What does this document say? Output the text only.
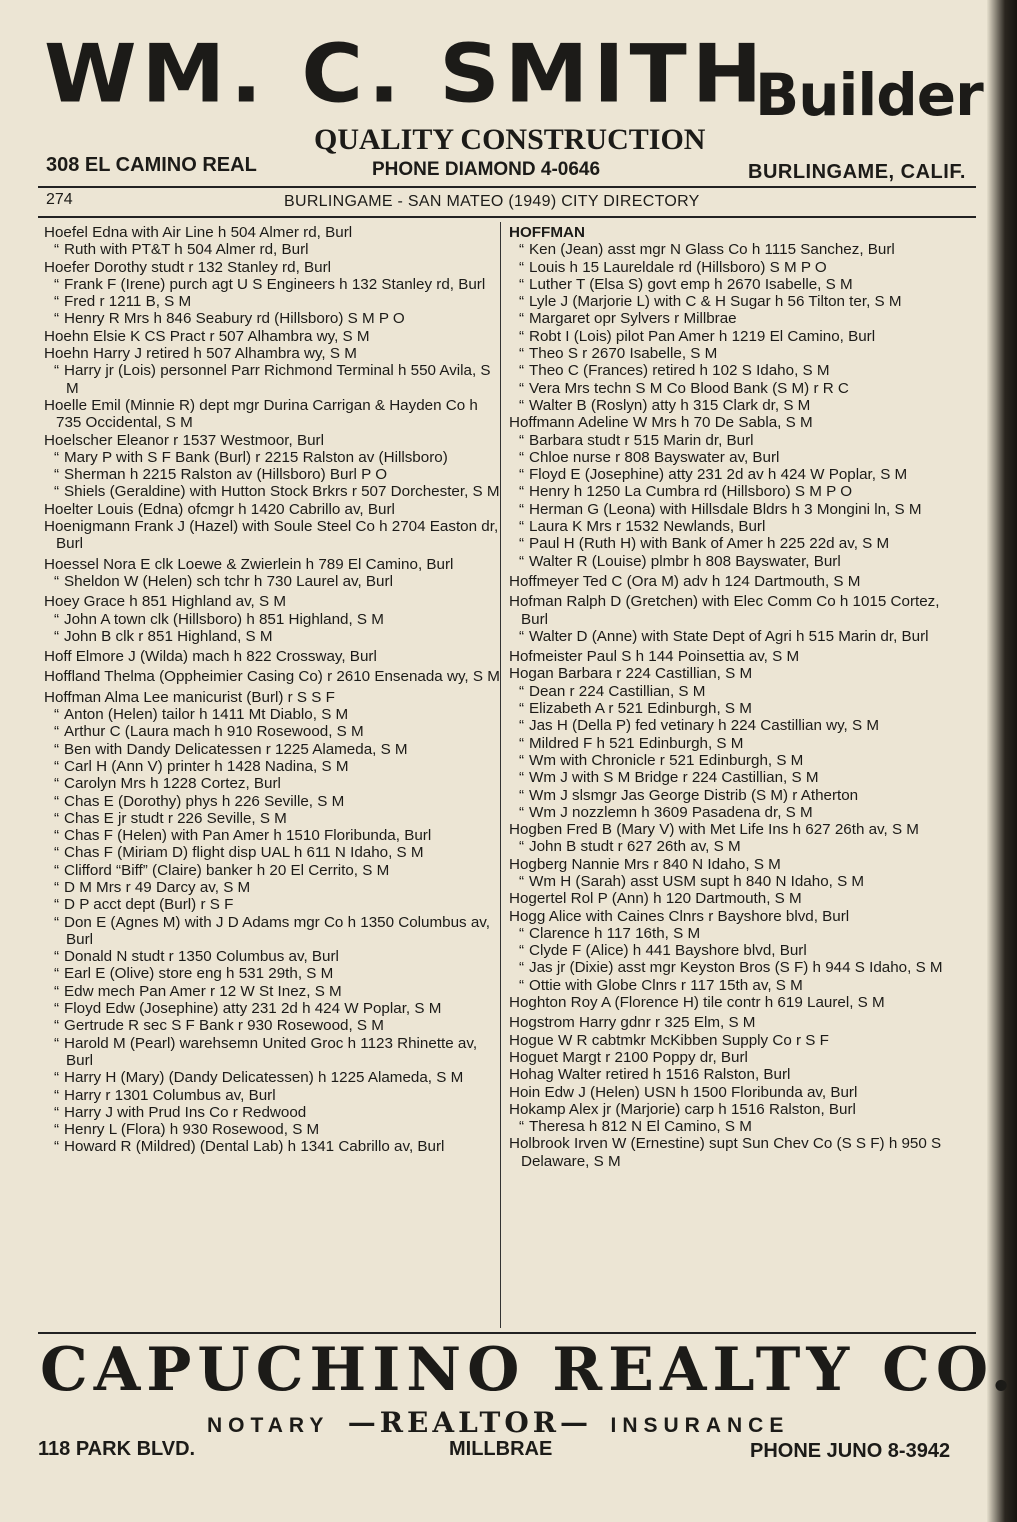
WM. C. SMITH
Builder
QUALITY CONSTRUCTION
308 EL CAMINO REAL	PHONE DIAMOND 4-0646	BURLINGAME, CALIF.
274	BURLINGAME - SAN MATEO (1949) CITY DIRECTORY
Hoefel Edna with Air Line h 504 Almer rd, Burl
“ Ruth with PT&T h 504 Almer rd, Burl
Hoefer Dorothy studt r 132 Stanley rd, Burl
“ Frank F (Irene) purch agt U S Engineers h 132 Stanley rd, Burl
“ Fred r 1211 B, S M
“ Henry R Mrs h 846 Seabury rd (Hillsboro) S M P O
Hoehn Elsie K CS Pract r 507 Alhambra wy, S M
Hoehn Harry J retired h 507 Alhambra wy, S M
“ Harry jr (Lois) personnel Parr Richmond Terminal h 550 Avila, S M
Hoelle Emil (Minnie R) dept mgr Durina Carrigan & Hayden Co h 735 Occidental, S M
Hoelscher Eleanor r 1537 Westmoor, Burl
“ Mary P with S F Bank (Burl) r 2215 Ralston av (Hillsboro)
“ Sherman h 2215 Ralston av (Hillsboro) Burl P O
“ Shiels (Geraldine) with Hutton Stock Brkrs r 507 Dorchester, S M
Hoelter Louis (Edna) ofcmgr h 1420 Cabrillo av, Burl
Hoenigmann Frank J (Hazel) with Soule Steel Co h 2704 Easton dr, Burl
Hoessel Nora E clk Loewe & Zwierlein h 789 El Camino, Burl
“ Sheldon W (Helen) sch tchr h 730 Laurel av, Burl
Hoey Grace h 851 Highland av, S M
“ John A town clk (Hillsboro) h 851 Highland, S M
“ John B clk r 851 Highland, S M
Hoff Elmore J (Wilda) mach h 822 Crossway, Burl
Hoffland Thelma (Oppheimier Casing Co) r 2610 Ensenada wy, S M
Hoffman Alma Lee manicurist (Burl) r S S F
“ Anton (Helen) tailor h 1411 Mt Diablo, S M
“ Arthur C (Laura mach h 910 Rosewood, S M
“ Ben with Dandy Delicatessen r 1225 Alameda, S M
“ Carl H (Ann V) printer h 1428 Nadina, S M
“ Carolyn Mrs h 1228 Cortez, Burl
“ Chas E (Dorothy) phys h 226 Seville, S M
“ Chas E jr studt r 226 Seville, S M
“ Chas F (Helen) with Pan Amer h 1510 Floribunda, Burl
“ Chas F (Miriam D) flight disp UAL h 611 N Idaho, S M
“ Clifford “Biff” (Claire) banker h 20 El Cerrito, S M
“ D M Mrs r 49 Darcy av, S M
“ D P acct dept (Burl) r S F
“ Don E (Agnes M) with J D Adams mgr Co h 1350 Columbus av, Burl
“ Donald N studt r 1350 Columbus av, Burl
“ Earl E (Olive) store eng h 531 29th, S M
“ Edw mech Pan Amer r 12 W St Inez, S M
“ Floyd Edw (Josephine) atty 231 2d h 424 W Poplar, S M
“ Gertrude R sec S F Bank r 930 Rosewood, S M
“ Harold M (Pearl) warehsemn United Groc h 1123 Rhinette av, Burl
“ Harry H (Mary) (Dandy Delicatessen) h 1225 Alameda, S M
“ Harry r 1301 Columbus av, Burl
“ Harry J with Prud Ins Co r Redwood
“ Henry L (Flora) h 930 Rosewood, S M
“ Howard R (Mildred) (Dental Lab) h 1341 Cabrillo av, Burl
HOFFMAN
“ Ken (Jean) asst mgr N Glass Co h 1115 Sanchez, Burl
“ Louis h 15 Laureldale rd (Hillsboro) S M P O
“ Luther T (Elsa S) govt emp h 2670 Isabelle, S M
“ Lyle J (Marjorie L) with C & H Sugar h 56 Tilton ter, S M
“ Margaret opr Sylvers r Millbrae
“ Robt I (Lois) pilot Pan Amer h 1219 El Camino, Burl
“ Theo S r 2670 Isabelle, S M
“ Theo C (Frances) retired h 102 S Idaho, S M
“ Vera Mrs techn S M Co Blood Bank (S M) r R C
“ Walter B (Roslyn) atty h 315 Clark dr, S M
Hoffmann Adeline W Mrs h 70 De Sabla, S M
“ Barbara studt r 515 Marin dr, Burl
“ Chloe nurse r 808 Bayswater av, Burl
“ Floyd E (Josephine) atty 231 2d av h 424 W Poplar, S M
“ Henry h 1250 La Cumbra rd (Hillsboro) S M P O
“ Herman G (Leona) with Hillsdale Bldrs h 3 Mongini ln, S M
“ Laura K Mrs r 1532 Newlands, Burl
“ Paul H (Ruth H) with Bank of Amer h 225 22d av, S M
“ Walter R (Louise) plmbr h 808 Bayswater, Burl
Hoffmeyer Ted C (Ora M) adv h 124 Dartmouth, S M
Hofman Ralph D (Gretchen) with Elec Comm Co h 1015 Cortez, Burl
“ Walter D (Anne) with State Dept of Agri h 515 Marin dr, Burl
Hofmeister Paul S h 144 Poinsettia av, S M
Hogan Barbara r 224 Castillian, S M
“ Dean r 224 Castillian, S M
“ Elizabeth A r 521 Edinburgh, S M
“ Jas H (Della P) fed vetinary h 224 Castillian wy, S M
“ Mildred F h 521 Edinburgh, S M
“ Wm with Chronicle r 521 Edinburgh, S M
“ Wm J with S M Bridge r 224 Castillian, S M
“ Wm J slsmgr Jas George Distrib (S M) r Atherton
“ Wm J nozzlemn h 3609 Pasadena dr, S M
Hogben Fred B (Mary V) with Met Life Ins h 627 26th av, S M
“ John B studt r 627 26th av, S M
Hogberg Nannie Mrs r 840 N Idaho, S M
“ Wm H (Sarah) asst USM supt h 840 N Idaho, S M
Hogertel Rol P (Ann) h 120 Dartmouth, S M
Hogg Alice with Caines Clnrs r Bayshore blvd, Burl
“ Clarence h 117 16th, S M
“ Clyde F (Alice) h 441 Bayshore blvd, Burl
“ Jas jr (Dixie) asst mgr Keyston Bros (S F) h 944 S Idaho, S M
“ Ottie with Globe Clnrs r 117 15th av, S M
Hoghton Roy A (Florence H) tile contr h 619 Laurel, S M
Hogstrom Harry gdnr r 325 Elm, S M
Hogue W R cabtmkr McKibben Supply Co r S F
Hoguet Margt r 2100 Poppy dr, Burl
Hohag Walter retired h 1516 Ralston, Burl
Hoin Edw J (Helen) USN h 1500 Floribunda av, Burl
Hokamp Alex jr (Marjorie) carp h 1516 Ralston, Burl
“ Theresa h 812 N El Camino, S M
Holbrook Irven W (Ernestine) supt Sun Chev Co (S S F) h 950 S Delaware, S M
CAPUCHINO REALTY CO.
NOTARY —REALTOR— INSURANCE
118 PARK BLVD.	MILLBRAE	PHONE JUNO 8-3942
